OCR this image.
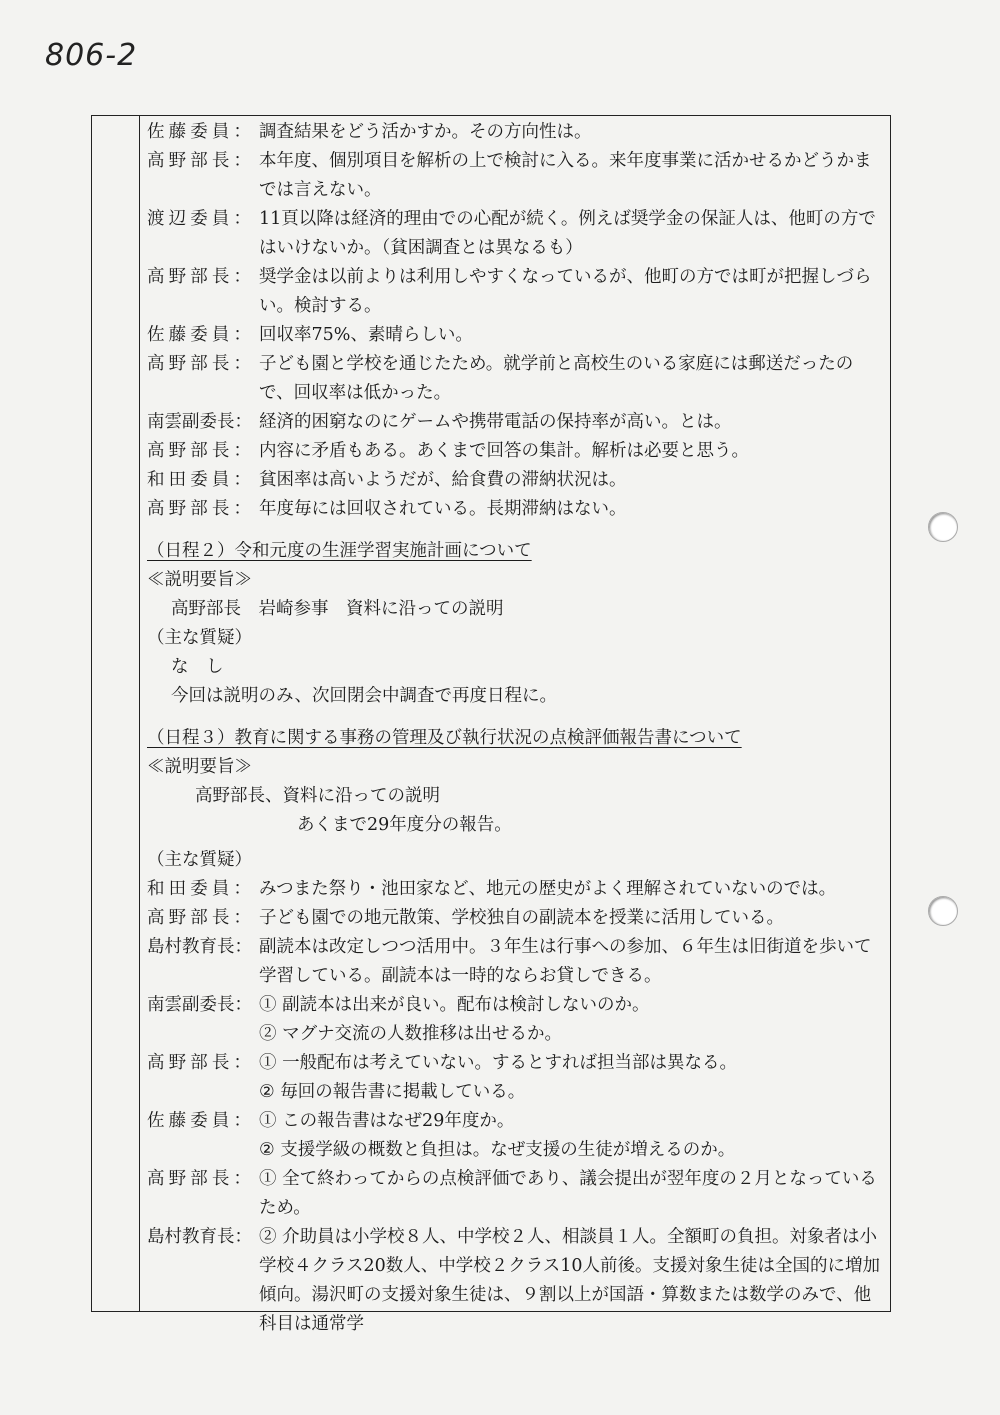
806-2
佐藤委員 ：	調査結果をどう活かすか。その方向性は。
高野部長 ：	本年度、個別項目を解析の上で検討に入る。来年度事業に活かせるかどうかまでは言えない。
渡辺委員 ：	11頁以降は経済的理由での心配が続く。例えば奨学金の保証人は、他町の方ではいけないか。（貧困調査とは異なるも）
高野部長 ：	奨学金は以前よりは利用しやすくなっているが、他町の方では町が把握しづらい。検討する。
佐藤委員 ：	回収率75%、素晴らしい。
高野部長 ：	子ども園と学校を通じたため。就学前と高校生のいる家庭には郵送だったので、回収率は低かった。
南雲副委長 ：	経済的困窮なのにゲームや携帯電話の保持率が高い。とは。
高野部長 ：	内容に矛盾もある。あくまで回答の集計。解析は必要と思う。
和田委員 ：	貧困率は高いようだが、給食費の滞納状況は。
高野部長 ：	年度毎には回収されている。長期滞納はない。
（日程２）令和元度の生涯学習実施計画について
≪説明要旨≫
高野部長　岩崎参事　資料に沿っての説明
（主な質疑）
な　し
今回は説明のみ、次回閉会中調査で再度日程に。
（日程３）教育に関する事務の管理及び執行状況の点検評価報告書について
≪説明要旨≫
高野部長、資料に沿っての説明
あくまで29年度分の報告。
（主な質疑）
和田委員 ：	みつまた祭り・池田家など、地元の歴史がよく理解されていないのでは。
高野部長 ：	子ども園での地元散策、学校独自の副読本を授業に活用している。
島村教育長 ：	副読本は改定しつつ活用中。３年生は行事への参加、６年生は旧街道を歩いて学習している。副読本は一時的ならお貸しできる。
南雲副委長 ：	① 副読本は出来が良い。配布は検討しないのか。
② マグナ交流の人数推移は出せるか。
高野部長 ：	① 一般配布は考えていない。するとすれば担当部は異なる。
② 毎回の報告書に掲載している。
佐藤委員 ：	① この報告書はなぜ29年度か。
② 支援学級の概数と負担は。なぜ支援の生徒が増えるのか。
高野部長 ：	① 全て終わってからの点検評価であり、議会提出が翌年度の２月となっているため。
島村教育長 ：	② 介助員は小学校８人、中学校２人、相談員１人。全額町の負担。対象者は小学校４クラス20数人、中学校２クラス10人前後。支援対象生徒は全国的に増加傾向。湯沢町の支援対象生徒は、９割以上が国語・算数または数学のみで、他科目は通常学
